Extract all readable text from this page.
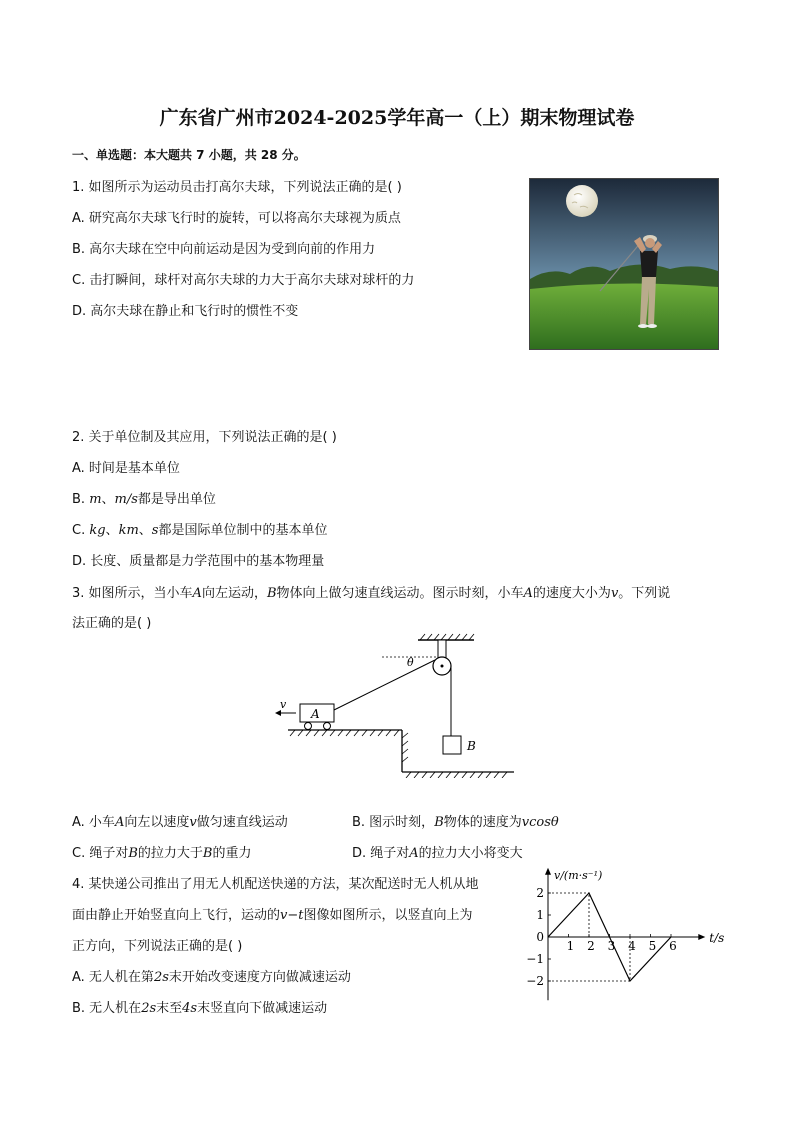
广东省广州市2024-2025学年高一（上）期末物理试卷
一、单选题：本大题共 7 小题，共 28 分。
1. 如图所示为运动员击打高尔夫球，下列说法正确的是( )
A. 研究高尔夫球飞行时的旋转，可以将高尔夫球视为质点
B. 高尔夫球在空中向前运动是因为受到向前的作用力
C. 击打瞬间，球杆对高尔夫球的力大于高尔夫球对球杆的力
D. 高尔夫球在静止和飞行时的惯性不变
2. 关于单位制及其应用，下列说法正确的是( )
A. 时间是基本单位
B. m、m/s都是导出单位
C. kg、km、s都是国际单位制中的基本单位
D. 长度、质量都是力学范围中的基本物理量
3. 如图所示，当小车A向左运动，B物体向上做匀速直线运动。图示时刻，小车A的速度大小为v。下列说
法正确的是( )
θ
B
A
v
A. 小车A向左以速度v做匀速直线运动	B. 图示时刻，B物体的速度为vcosθ
C. 绳子对B的拉力大于B的重力	D. 绳子对A的拉力大小将变大
4. 某快递公司推出了用无人机配送快递的方法，某次配送时无人机从地
面由静止开始竖直向上飞行，运动的v−t图像如图所示，以竖直向上为
正方向，下列说法正确的是( )
A. 无人机在第2s末开始改变速度方向做减速运动
B. 无人机在2s末至4s末竖直向下做减速运动
2
1
0
−1
−2
1 2 3 4 5 6
v/(m·s⁻¹)
t/s
